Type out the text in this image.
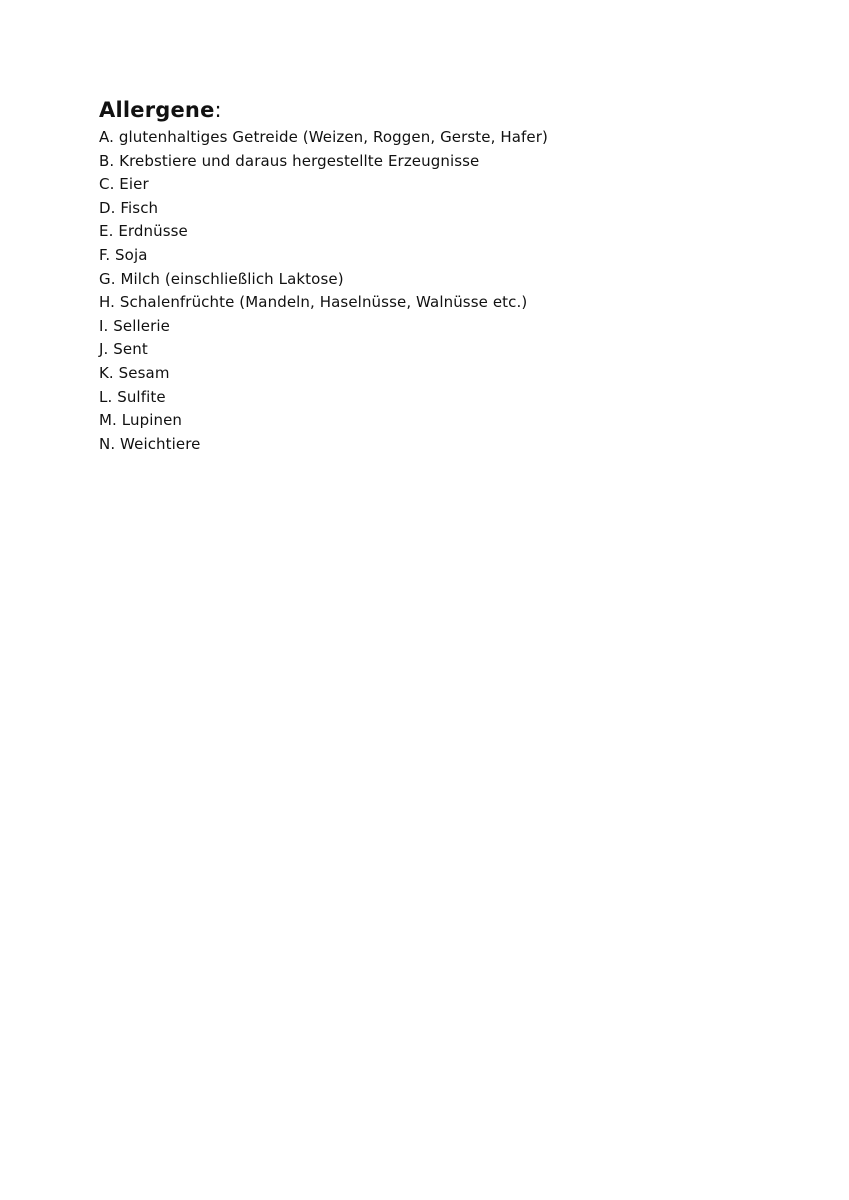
Allergene:
A. glutenhaltiges Getreide (Weizen, Roggen, Gerste, Hafer)
B. Krebstiere und daraus hergestellte Erzeugnisse
C. Eier
D. Fisch
E. Erdnüsse
F. Soja
G. Milch (einschließlich Laktose)
H. Schalenfrüchte (Mandeln, Haselnüsse, Walnüsse etc.)
I. Sellerie
J. Sent
K. Sesam
L. Sulfite
M. Lupinen
N. Weichtiere
